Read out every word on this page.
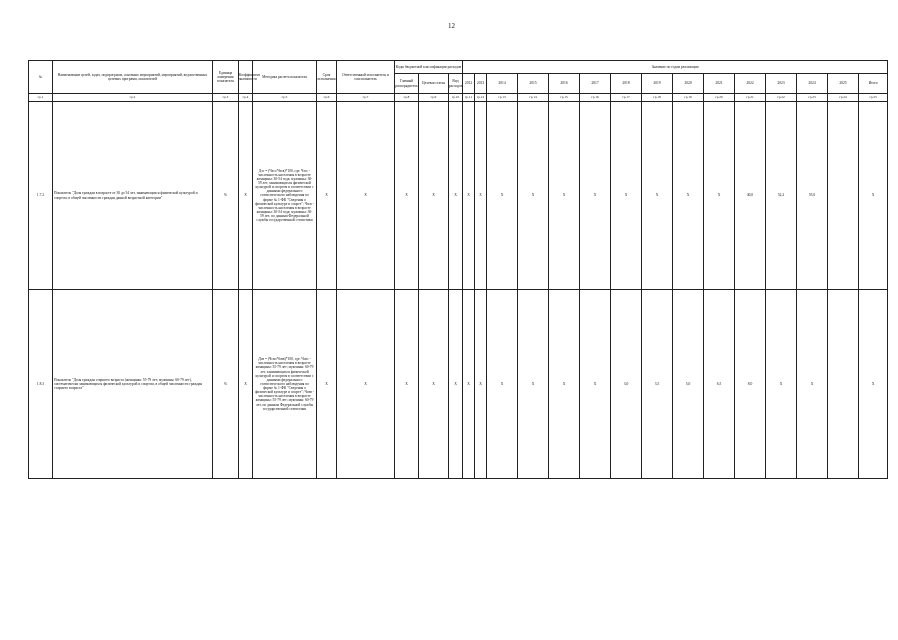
12
№	Наименование целей, задач, подпрограмм, основных мероприятий, мероприятий, ведомственных целевых программ, показателей	Единица измерения показателя	Коэффициент значимости	Методика расчета показателя	Срок исполнения	Ответственный исполнитель и соисполнитель	Коды бюджетной классификации расходов			Значение по годам реализации														
							Главный распорядитель	Целевая статья	Вид расходов	2012	2013	2014	2015	2016	2017	2018	2019	2020	2021	2022	2023	2024	2025	Итого
гр.1	гр.2	гр.3	гр.4	гр.5	гр.6	гр.7	гр.8	гр.9	гр.10	гр.11	гр.12	гр.13	гр.14	гр.15	гр.16	гр.17	гр.18	гр.19	гр.20	гр.21	гр.22	гр.23	гр.24	гр.25
1.7.2	Показатель "Доля граждан в возрасте от 30 до 54 лет, занимающихся физической культурой и спортом, в общей численности граждан данной возрастной категории"	%	X	Дзс = (Чзсс/Чзсв)*100, где: Чзсс - численность населения в возрасте женщины: 30-54 года; мужчины: 30-59 лет, занимающихся физической культурой и спортом в соответствии с данными федерального статистического наблюдения по форме № 1-ФК "Сведения о физической культуре и спорте"; Чзсв - численность населения в возрасте женщины: 30-54 года; мужчины: 30-59 лет, по данным Федеральной службы государственной статистики	X	X	X	X	X	X	X	X	X	X	X	X	X	X	X	40,0	52,2	55,0		X
1.8.3	Показатель "Доля граждан старшего возраста (женщины: 55-79 лет; мужчины: 60-79 лет), систематически занимающихся физической культурой и спортом, в общей численности граждан старшего возраста"	%	X	Дсв = (Чсвс/Чсвв)*100, где: Чсвс - численность населения в возрасте женщины: 55-79 лет; мужчины: 60-79 лет, занимающихся физической культурой и спортом в соответствии с данными федерального статистического наблюдения по форме № 1-ФК "Сведения о физической культуре и спорте"; Чсвв - численность населения в возрасте женщины: 55-79 лет; мужчины: 60-79 лет, по данным Федеральной службы государственной статистики	X	X	X	X	X	X	X	X	X	X	X	3,0	3,5	5,0	6,5	8,0	X	X		X
